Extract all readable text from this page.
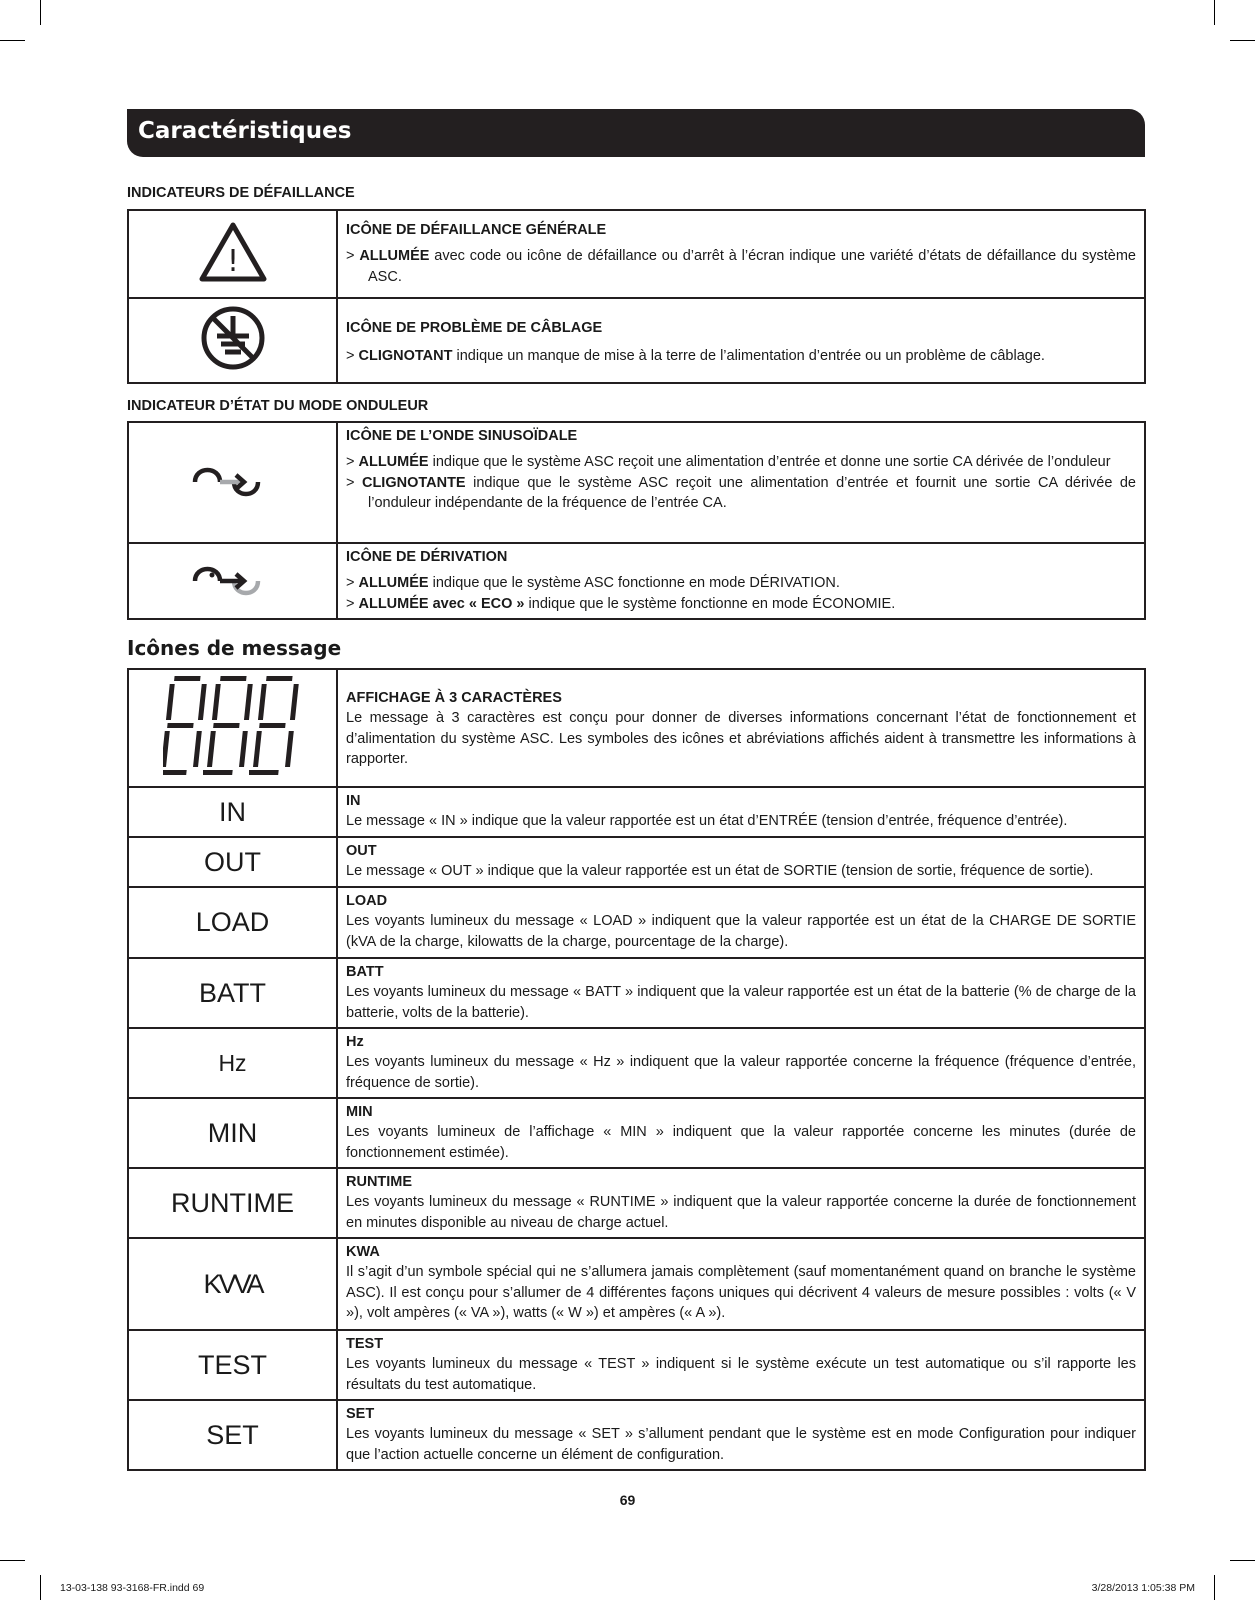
Caractéristiques
INDICATEURS DE DÉFAILLANCE
!	ICÔNE DE DÉFAILLANCE GÉNÉRALE
> ALLUMÉE avec code ou icône de défaillance ou d’arrêt à l’écran indique une variété d’états de défaillance du système ASC.

ICÔNE DE PROBLÈME DE CÂBLAGE
> CLIGNOTANT indique un manque de mise à la terre de l’alimentation d’entrée ou un problème de câblage.
INDICATEUR D’ÉTAT DU MODE ONDULEUR

ICÔNE DE L’ONDE SINUSOÏDALE
> ALLUMÉE indique que le système ASC reçoit une alimentation d’entrée et donne une sortie CA dérivée de l’onduleur
> CLIGNOTANTE indique que le système ASC reçoit une alimentation d’entrée et fournit une sortie CA dérivée de l’onduleur indépendante de la fréquence de l’entrée CA.

ICÔNE DE DÉRIVATION
> ALLUMÉE indique que le système ASC fonctionne en mode DÉRIVATION.
> ALLUMÉE avec « ECO » indique que le système fonctionne en mode ÉCONOMIE.
Icônes de message

AFFICHAGE À 3 CARACTÈRES
Le message à 3 caractères est conçu pour donner de diverses informations concernant l’état de fonctionnement et d’alimentation du système ASC. Les symboles des icônes et abréviations affichés aident à transmettre les informations à rapporter.

IN	IN
Le message « IN » indique que la valeur rapportée est un état d’ENTRÉE (tension d’entrée, fréquence d’entrée).

OUT	OUT
Le message « OUT » indique que la valeur rapportée est un état de SORTIE (tension de sortie, fréquence de sortie).

LOAD	LOAD
Les voyants lumineux du message « LOAD » indiquent que la valeur rapportée est un état de la CHARGE DE SORTIE (kVA de la charge, kilowatts de la charge, pourcentage de la charge).

BATT	BATT
Les voyants lumineux du message « BATT » indiquent que la valeur rapportée est un état de la batterie (% de charge de la batterie, volts de la batterie).

Hz	Hz
Les voyants lumineux du message « Hz » indiquent que la valeur rapportée concerne la fréquence (fréquence d’entrée, fréquence de sortie).

MIN	MIN
Les voyants lumineux de l’affichage « MIN » indiquent que la valeur rapportée concerne les minutes (durée de fonctionnement estimée).

RUNTIME	RUNTIME
Les voyants lumineux du message « RUNTIME » indiquent que la valeur rapportée concerne la durée de fonctionnement en minutes disponible au niveau de charge actuel.

KVVA	KWA
Il s’agit d’un symbole spécial qui ne s’allumera jamais complètement (sauf momentanément quand on branche le système ASC). Il est conçu pour s’allumer de 4 différentes façons uniques qui décrivent 4 valeurs de mesure possibles : volts (« V »), volt ampères (« VA »), watts (« W ») et ampères (« A »).

TEST	TEST
Les voyants lumineux du message « TEST » indiquent si le système exécute un test automatique ou s’il rapporte les résultats du test automatique.

SET	SET
Les voyants lumineux du message « SET » s’allument pendant que le système est en mode Configuration pour indiquer que l’action actuelle concerne un élément de configuration.
69
13-03-138 93-3168-FR.indd 69	3/28/2013 1:05:38 PM
